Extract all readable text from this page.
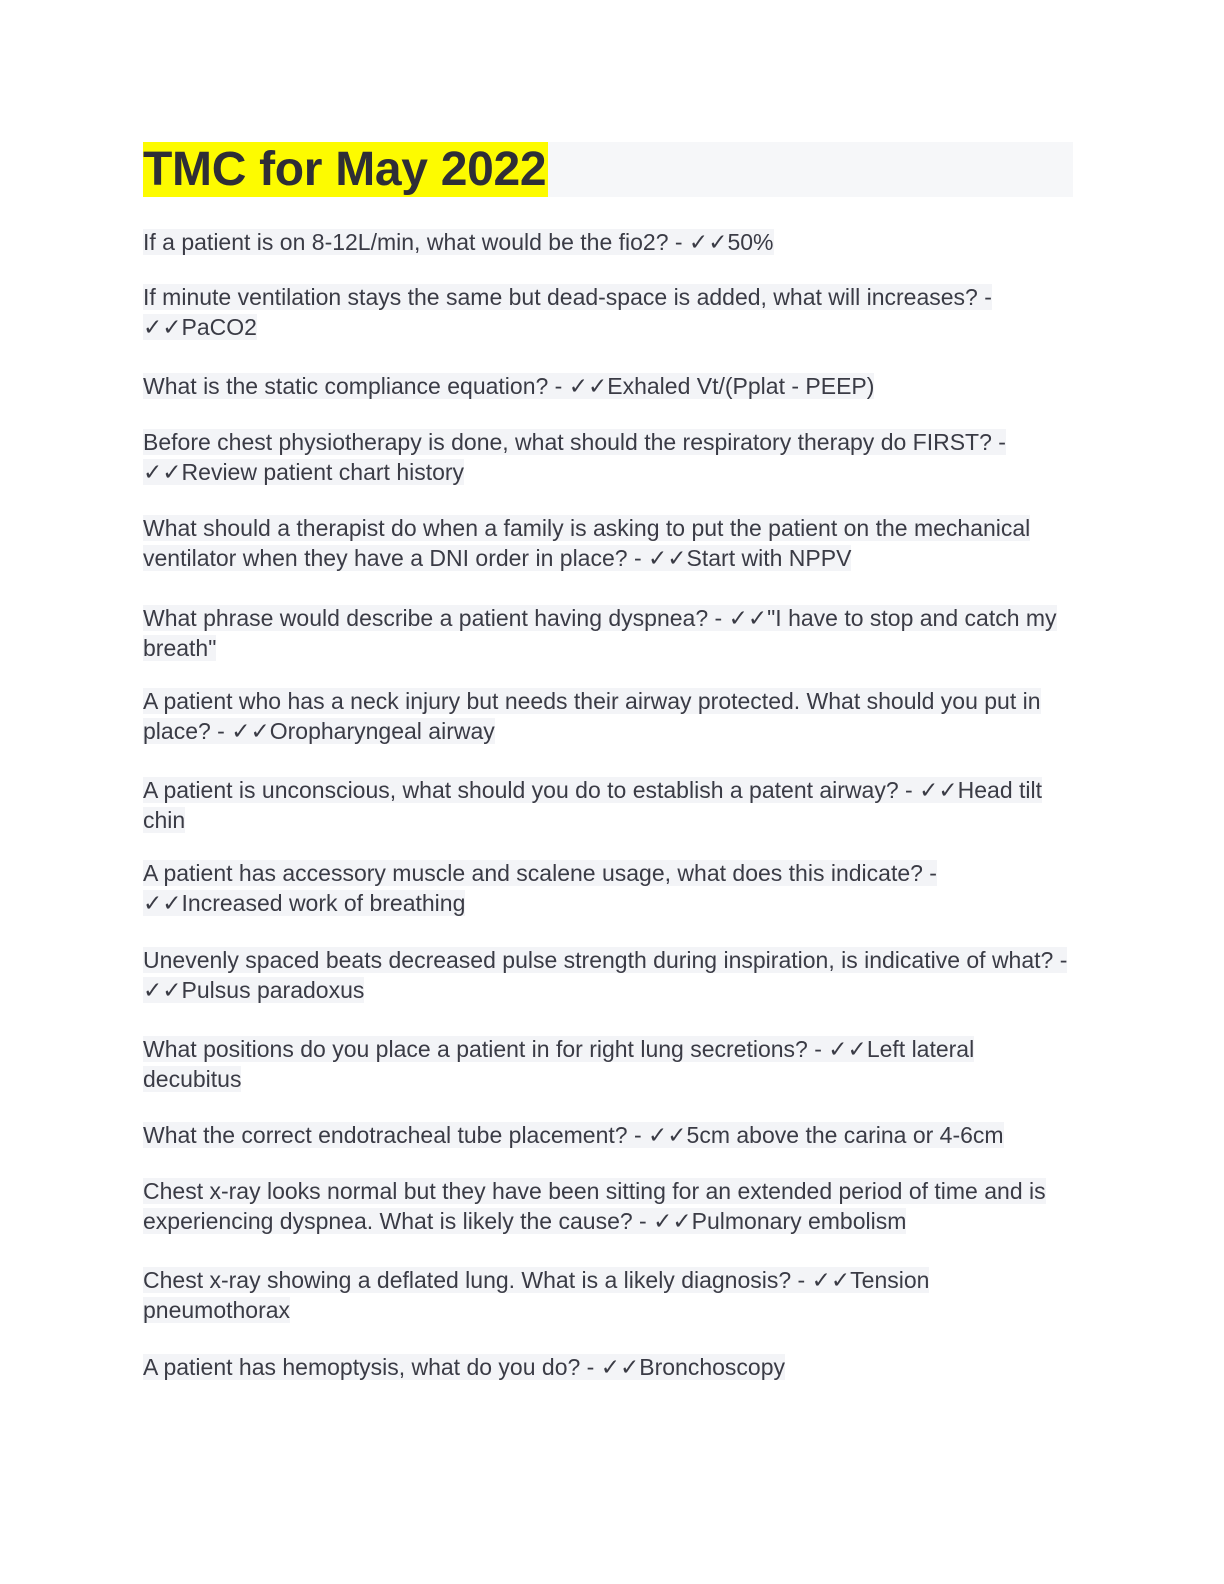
TMC for May 2022

If a patient is on 8-12L/min, what would be the fio2? - ✓✓50%

If minute ventilation stays the same but dead-space is added, what will increases? - ✓✓PaCO2

What is the static compliance equation? - ✓✓Exhaled Vt/(Pplat - PEEP)

Before chest physiotherapy is done, what should the respiratory therapy do FIRST? - ✓✓Review patient chart history

What should a therapist do when a family is asking to put the patient on the mechanical ventilator when they have a DNI order in place? - ✓✓Start with NPPV

What phrase would describe a patient having dyspnea? - ✓✓"I have to stop and catch my breath"

A patient who has a neck injury but needs their airway protected. What should you put in place? - ✓✓Oropharyngeal airway

A patient is unconscious, what should you do to establish a patent airway? - ✓✓Head tilt chin

A patient has accessory muscle and scalene usage, what does this indicate? - ✓✓Increased work of breathing

Unevenly spaced beats decreased pulse strength during inspiration, is indicative of what? - ✓✓Pulsus paradoxus

What positions do you place a patient in for right lung secretions? - ✓✓Left lateral decubitus

What the correct endotracheal tube placement? - ✓✓5cm above the carina or 4-6cm

Chest x-ray looks normal but they have been sitting for an extended period of time and is experiencing dyspnea. What is likely the cause? - ✓✓Pulmonary embolism

Chest x-ray showing a deflated lung. What is a likely diagnosis? - ✓✓Tension pneumothorax

A patient has hemoptysis, what do you do? - ✓✓Bronchoscopy
